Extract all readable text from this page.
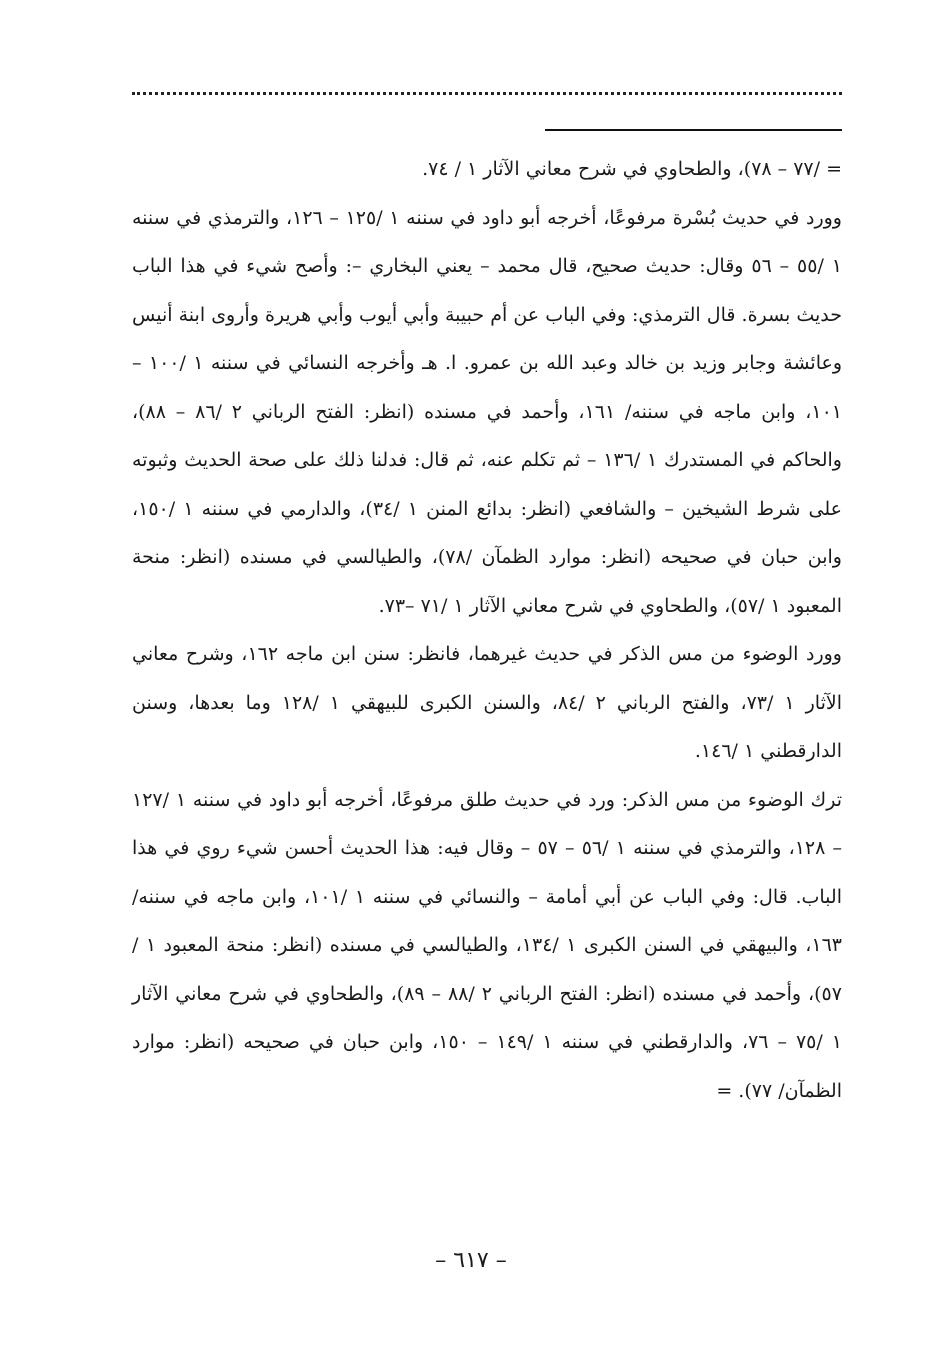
= /٧٧ – ٧٨)، والطحاوي في شرح معاني الآثار ١ / ٧٤.

وورد في حديث بُسْرة مرفوعًا، أخرجه أبو داود في سننه ١ /١٢٥ – ١٢٦، والترمذي في سننه ١ /٥٥ – ٥٦ وقال: حديث صحيح، قال محمد – يعني البخاري –: وأصح شيء في هذا الباب حديث بسرة. قال الترمذي: وفي الباب عن أم حبيبة وأبي أيوب وأبي هريرة وأروى ابنة أنيس وعائشة وجابر وزيد بن خالد وعبد الله بن عمرو. ا. هـ وأخرجه النسائي في سننه ١ /١٠٠ – ١٠١، وابن ماجه في سننه/ ١٦١، وأحمد في مسنده (انظر: الفتح الرباني ٢ /٨٦ – ٨٨)، والحاكم في المستدرك ١ /١٣٦ – ثم تكلم عنه، ثم قال: فدلنا ذلك على صحة الحديث وثبوته على شرط الشيخين – والشافعي (انظر: بدائع المنن ١ /٣٤)، والدارمي في سننه ١ /١٥٠، وابن حبان في صحيحه (انظر: موارد الظمآن /٧٨)، والطيالسي في مسنده (انظر: منحة المعبود ١ /٥٧)، والطحاوي في شرح معاني الآثار ١ /٧١ –٧٣.

وورد الوضوء من مس الذكر في حديث غيرهما، فانظر: سنن ابن ماجه ١٦٢، وشرح معاني الآثار ١ /٧٣، والفتح الرباني ٢ /٨٤، والسنن الكبرى للبيهقي ١ /١٢٨ وما بعدها، وسنن الدارقطني ١ /١٤٦.

ترك الوضوء من مس الذكر: ورد في حديث طلق مرفوعًا، أخرجه أبو داود في سننه ١ /١٢٧ – ١٢٨، والترمذي في سننه ١ /٥٦ – ٥٧ – وقال فيه: هذا الحديث أحسن شيء روي في هذا الباب. قال: وفي الباب عن أبي أمامة – والنسائي في سننه ١ /١٠١، وابن ماجه في سننه/ ١٦٣، والبيهقي في السنن الكبرى ١ /١٣٤، والطيالسي في مسنده (انظر: منحة المعبود ١ /٥٧)، وأحمد في مسنده (انظر: الفتح الرباني ٢ /٨٨ – ٨٩)، والطحاوي في شرح معاني الآثار ١ /٧٥ – ٧٦، والدارقطني في سننه ١ /١٤٩ – ١٥٠، وابن حبان في صحيحه (انظر: موارد الظمآن/ ٧٧). =

– ٦١٧ –
